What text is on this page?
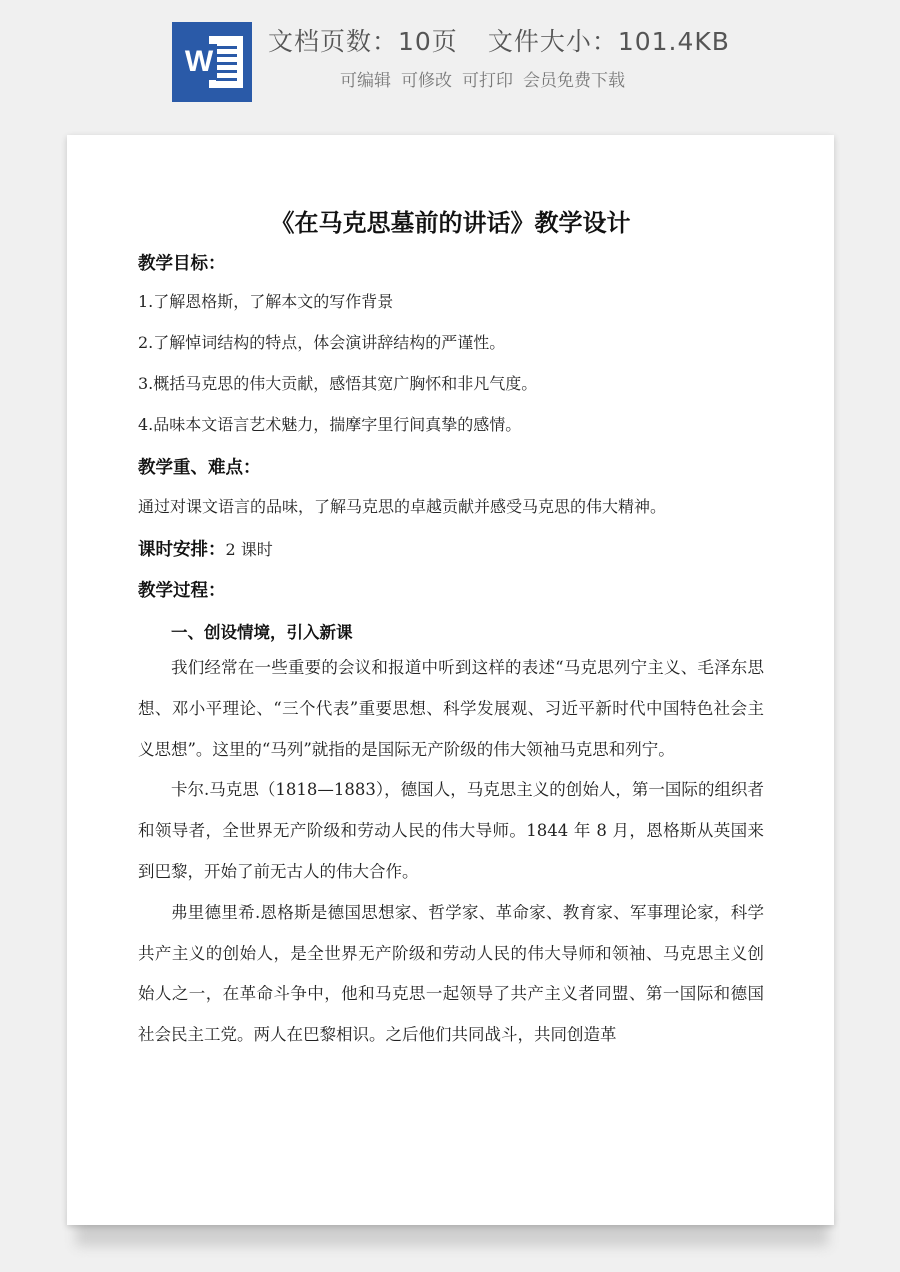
W
文档页数：10页 文件大小：101.4KB
可编辑 可修改 可打印 会员免费下载
《在马克思墓前的讲话》教学设计
教学目标：
1.了解恩格斯，了解本文的写作背景
2.了解悼词结构的特点，体会演讲辞结构的严谨性。
3.概括马克思的伟大贡献，感悟其宽广胸怀和非凡气度。
4.品味本文语言艺术魅力，揣摩字里行间真挚的感情。
教学重、难点：
通过对课文语言的品味，了解马克思的卓越贡献并感受马克思的伟大精神。
课时安排：2 课时
教学过程：
一、创设情境，引入新课

我们经常在一些重要的会议和报道中听到这样的表述“马克思列宁主义、毛泽东思想、邓小平理论、“三个代表”重要思想、科学发展观、习近平新时代中国特色社会主义思想”。这里的“马列”就指的是国际无产阶级的伟大领袖马克思和列宁。

卡尔.马克思（1818—1883），德国人，马克思主义的创始人，第一国际的组织者和领导者，全世界无产阶级和劳动人民的伟大导师。1844 年 8 月，恩格斯从英国来到巴黎，开始了前无古人的伟大合作。

弗里德里希.恩格斯是德国思想家、哲学家、革命家、教育家、军事理论家，科学共产主义的创始人，是全世界无产阶级和劳动人民的伟大导师和领袖、马克思主义创始人之一，在革命斗争中，他和马克思一起领导了共产主义者同盟、第一国际和德国社会民主工党。两人在巴黎相识。之后他们共同战斗，共同创造革
